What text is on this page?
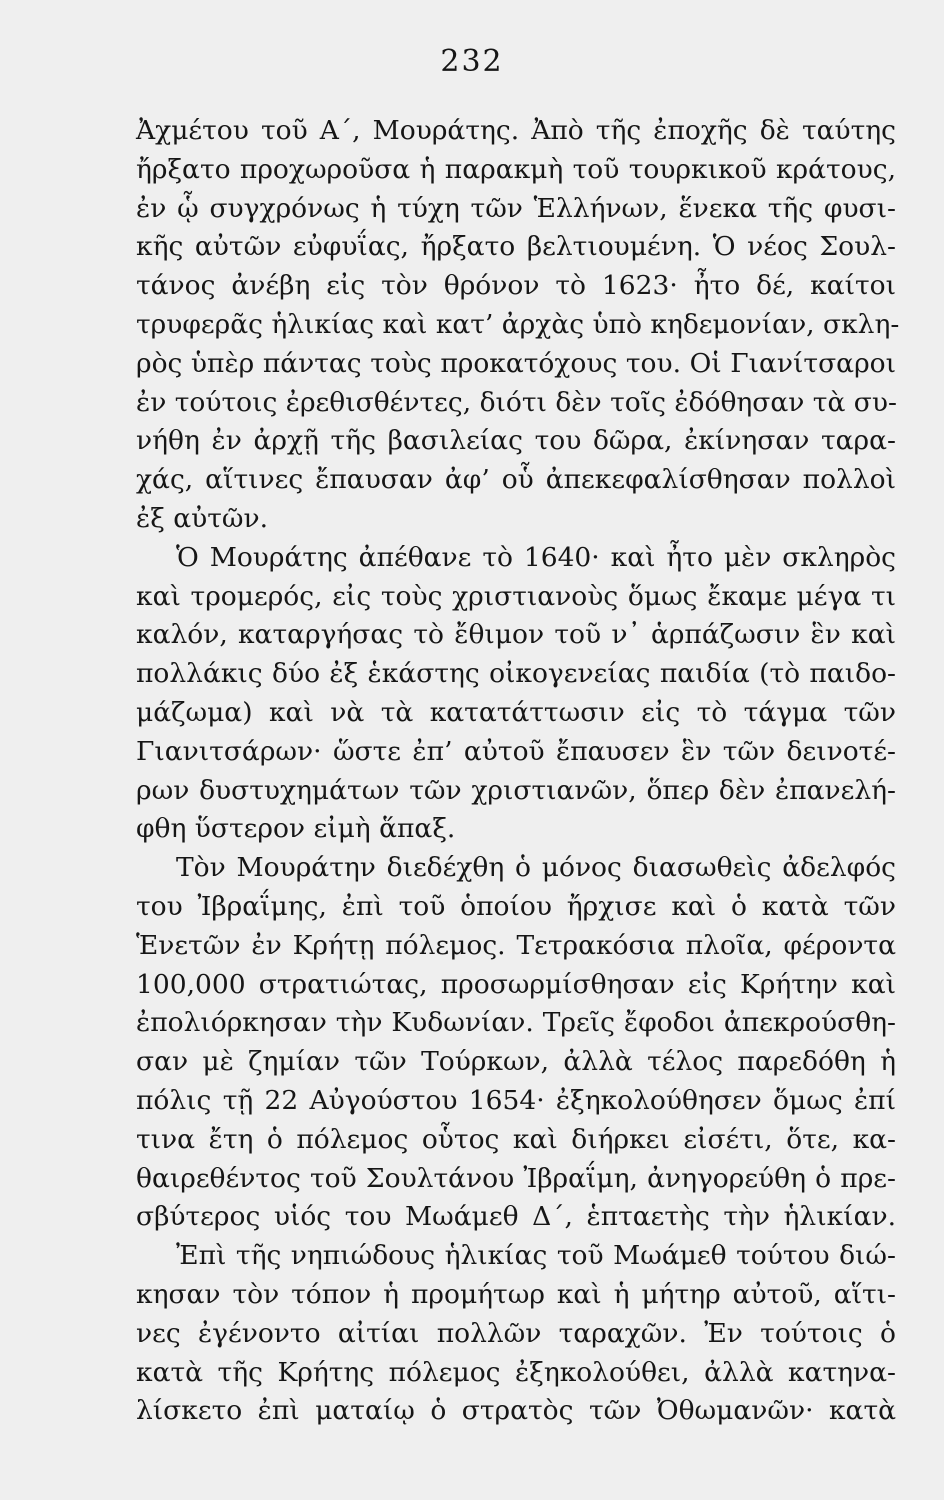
232
Ἀχμέτου τοῦ Α΄, Μουράτης. Ἀπὸ τῆς ἐποχῆς δὲ ταύτης
ἤρξατο προχωροῦσα ἡ παρακμὴ τοῦ τουρκικοῦ κράτους,
ἐν ᾧ συγχρόνως ἡ τύχη τῶν Ἑλλήνων, ἕνεκα τῆς φυσι-
κῆς αὐτῶν εὐφυΐας, ἤρξατο βελτιουμένη. Ὁ νέος Σουλ-
τάνος ἀνέβη εἰς τὸν θρόνον τὸ 1623· ἦτο δέ, καίτοι
τρυφερᾶς ἡλικίας καὶ κατ’ ἀρχὰς ὑπὸ κηδεμονίαν, σκλη-
ρὸς ὑπὲρ πάντας τοὺς προκατόχους του. Οἱ Γιανίτσαροι
ἐν τούτοις ἐρεθισθέντες, διότι δὲν τοῖς ἐδόθησαν τὰ συ-
νήθη ἐν ἀρχῇ τῆς βασιλείας του δῶρα, ἐκίνησαν ταρα-
χάς, αἵτινες ἔπαυσαν ἀφ’ οὗ ἀπεκεφαλίσθησαν πολλοὶ
ἐξ αὐτῶν.
Ὁ Μουράτης ἀπέθανε τὸ 1640· καὶ ἦτο μὲν σκληρὸς
καὶ τρομερός, εἰς τοὺς χριστιανοὺς ὅμως ἔκαμε μέγα τι
καλόν, καταργήσας τὸ ἔθιμον τοῦ ν᾽ ἁρπάζωσιν ἓν καὶ
πολλάκις δύο ἐξ ἑκάστης οἰκογενείας παιδία (τὸ παιδο-
μάζωμα) καὶ νὰ τὰ κατατάττωσιν εἰς τὸ τάγμα τῶν
Γιανιτσάρων· ὥστε ἐπ’ αὐτοῦ ἔπαυσεν ἓν τῶν δεινοτέ-
ρων δυστυχημάτων τῶν χριστιανῶν, ὅπερ δὲν ἐπανελή-
φθη ὕστερον εἰμὴ ἅπαξ.
Τὸν Μουράτην διεδέχθη ὁ μόνος διασωθεὶς ἀδελφός
του Ἰβραΐμης, ἐπὶ τοῦ ὁποίου ἤρχισε καὶ ὁ κατὰ τῶν
Ἑνετῶν ἐν Κρήτῃ πόλεμος. Τετρακόσια πλοῖα, φέροντα
100,000 στρατιώτας, προσωρμίσθησαν εἰς Κρήτην καὶ
ἐπολιόρκησαν τὴν Κυδωνίαν. Τρεῖς ἔφοδοι ἀπεκρούσθη-
σαν μὲ ζημίαν τῶν Τούρκων, ἀλλὰ τέλος παρεδόθη ἡ
πόλις τῇ 22 Αὐγούστου 1654· ἐξηκολούθησεν ὅμως ἐπί
τινα ἔτη ὁ πόλεμος οὗτος καὶ διήρκει εἰσέτι, ὅτε, κα-
θαιρεθέντος τοῦ Σουλτάνου Ἰβραΐμη, ἀνηγορεύθη ὁ πρε-
σβύτερος υἱός του Μωάμεθ Δ΄, ἑπταετὴς τὴν ἡλικίαν.
Ἐπὶ τῆς νηπιώδους ἡλικίας τοῦ Μωάμεθ τούτου διώ-
κησαν τὸν τόπον ἡ προμήτωρ καὶ ἡ μήτηρ αὐτοῦ, αἵτι-
νες ἐγένοντο αἰτίαι πολλῶν ταραχῶν. Ἐν τούτοις ὁ
κατὰ τῆς Κρήτης πόλεμος ἐξηκολούθει, ἀλλὰ κατηνα-
λίσκετο ἐπὶ ματαίῳ ὁ στρατὸς τῶν Ὀθωμανῶν· κατὰ
